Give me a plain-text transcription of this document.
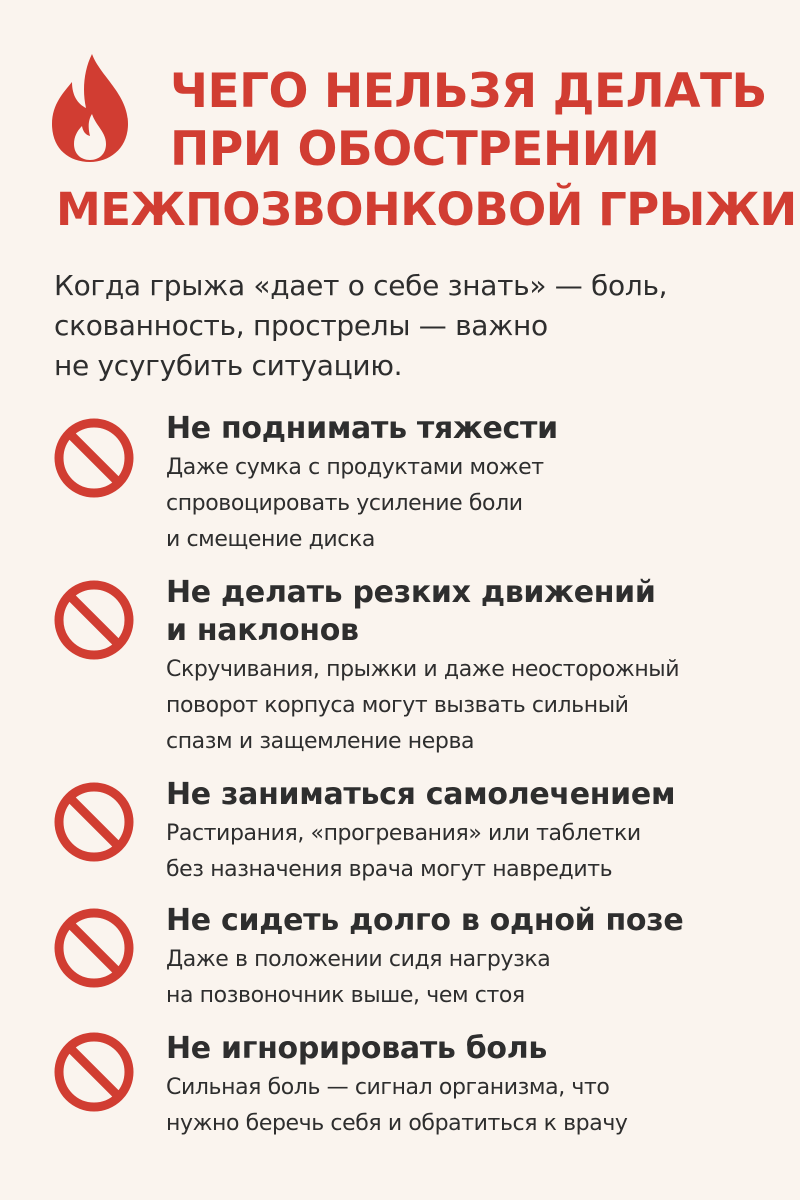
ЧЕГО НЕЛЬЗЯ ДЕЛАТЬ
ПРИ ОБОСТРЕНИИ
МЕЖПОЗВОНКОВОЙ ГРЫЖИ
Когда грыжа «дает о себе знать» — боль,
скованность, прострелы — важно
не усугубить ситуацию.
Не поднимать тяжести
Даже сумка с продуктами может
спровоцировать усиление боли
и смещение диска
Не делать резких движений
и наклонов
Скручивания, прыжки и даже неосторожный
поворот корпуса могут вызвать сильный
спазм и защемление нерва
Не заниматься самолечением
Растирания, «прогревания» или таблетки
без назначения врача могут навредить
Не сидеть долго в одной позе
Даже в положении сидя нагрузка
на позвоночник выше, чем стоя
Не игнорировать боль
Сильная боль — сигнал организма, что
нужно беречь себя и обратиться к врачу
